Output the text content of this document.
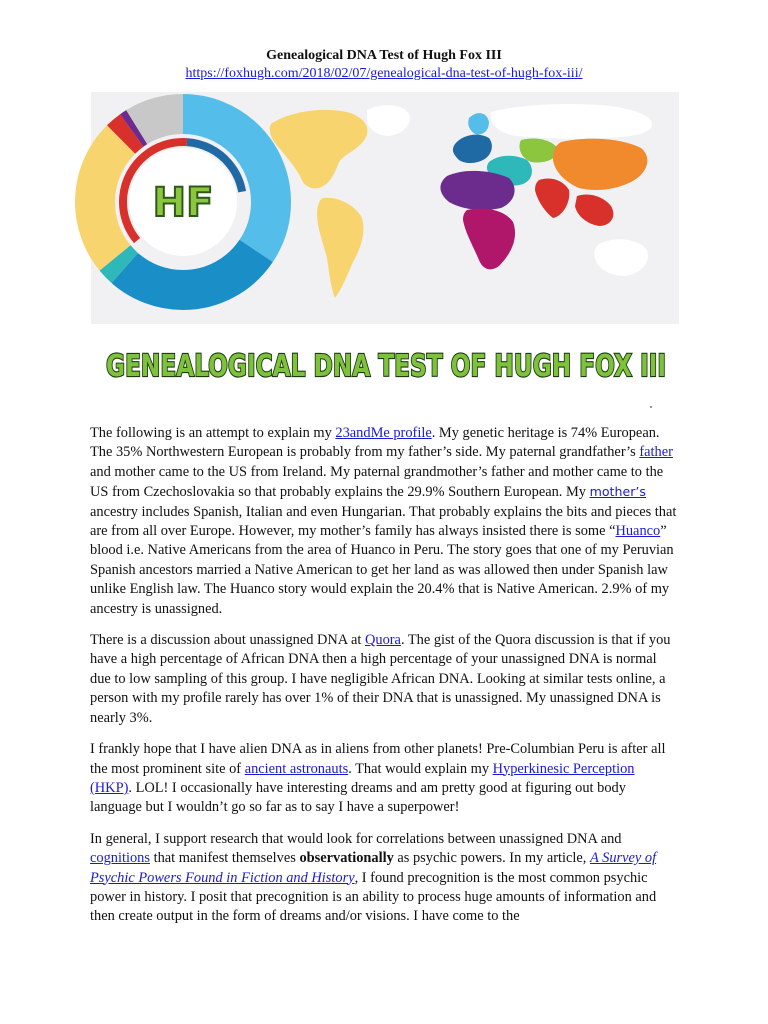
Genealogical DNA Test of Hugh Fox III
https://foxhugh.com/2018/02/07/genealogical-dna-test-of-hugh-fox-iii/
HF
GENEALOGICAL DNA TEST OF HUGH FOX III

The following is an attempt to explain my 23andMe profile. My genetic heritage is 74% European. The 35% Northwestern European is probably from my father’s side. My paternal grandfather’s father and mother came to the US from Ireland. My paternal grandmother’s father and mother came to the US from Czechoslovakia so that probably explains the 29.9% Southern European. My mother’s ancestry includes Spanish, Italian and even Hungarian. That probably explains the bits and pieces that are from all over Europe. However, my mother’s family has always insisted there is some “Huanco” blood i.e. Native Americans from the area of Huanco in Peru. The story goes that one of my Peruvian Spanish ancestors married a Native American to get her land as was allowed then under Spanish law unlike English law. The Huanco story would explain the 20.4% that is Native American. 2.9% of my ancestry is unassigned.

There is a discussion about unassigned DNA at Quora. The gist of the Quora discussion is that if you have a high percentage of African DNA then a high percentage of your unassigned DNA is normal due to low sampling of this group. I have negligible African DNA. Looking at similar tests online, a person with my profile rarely has over 1% of their DNA that is unassigned. My unassigned DNA is nearly 3%.

I frankly hope that I have alien DNA as in aliens from other planets! Pre-Columbian Peru is after all the most prominent site of ancient astronauts. That would explain my Hyperkinesic Perception (HKP). LOL! I occasionally have interesting dreams and am pretty good at figuring out body language but I wouldn’t go so far as to say I have a superpower!

In general, I support research that would look for correlations between unassigned DNA and cognitions that manifest themselves observationally as psychic powers. In my article, A Survey of Psychic Powers Found in Fiction and History, I found precognition is the most common psychic power in history. I posit that precognition is an ability to process huge amounts of information and then create output in the form of dreams and/or visions. I have come to the
